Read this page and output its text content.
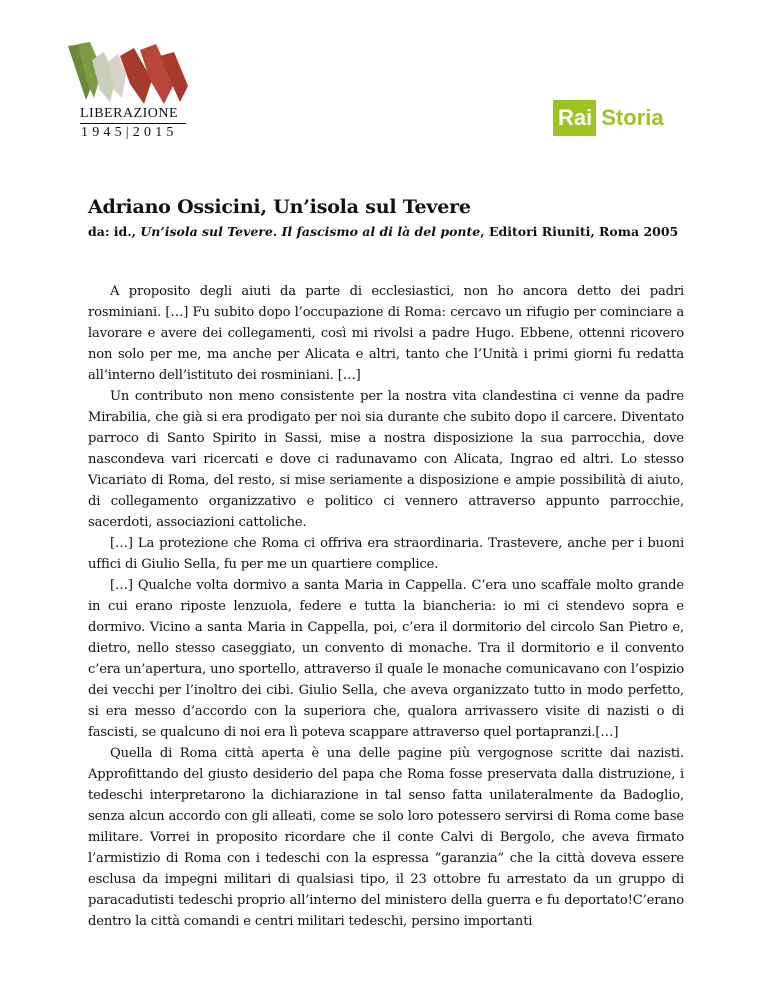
LIBERAZIONE
1945|2015
Rai Storia
Adriano Ossicini, Un’isola sul Tevere

da: id., Un’isola sul Tevere. Il fascismo al di là del ponte, Editori Riuniti, Roma 2005

A proposito degli aiuti da parte di ecclesiastici, non ho ancora detto dei padri rosminiani. […] Fu subito dopo l’occupazione di Roma: cercavo un rifugio per cominciare a lavorare e avere dei collegamenti, così mi rivolsi a padre Hugo. Ebbene, ottenni ricovero non solo per me, ma anche per Alicata e altri, tanto che l’Unità i primi giorni fu redatta all’interno dell’istituto dei rosminiani. […]

Un contributo non meno consistente per la nostra vita clandestina ci venne da padre Mirabilia, che già si era prodigato per noi sia durante che subito dopo il carcere. Diventato parroco di Santo Spirito in Sassi, mise a nostra disposizione la sua parrocchia, dove nascondeva vari ricercati e dove ci radunavamo con Alicata, Ingrao ed altri. Lo stesso Vicariato di Roma, del resto, si mise seriamente a disposizione e ampie possibilità di aiuto, di collegamento organizzativo e politico ci vennero attraverso appunto parrocchie, sacerdoti, associazioni cattoliche.

[…] La protezione che Roma ci offriva era straordinaria. Trastevere, anche per i buoni uffici di Giulio Sella, fu per me un quartiere complice.

[…] Qualche volta dormivo a santa Maria in Cappella. C’era uno scaffale molto grande in cui erano riposte lenzuola, federe e tutta la biancheria: io mi ci stendevo sopra e dormivo. Vicino a santa Maria in Cappella, poi, c’era il dormitorio del circolo San Pietro e, dietro, nello stesso caseggiato, un convento di monache. Tra il dormitorio e il convento c’era un’apertura, uno sportello, attraverso il quale le monache comunicavano con l’ospizio dei vecchi per l’inoltro dei cibi. Giulio Sella, che aveva organizzato tutto in modo perfetto, si era messo d’accordo con la superiora che, qualora arrivassero visite di nazisti o di fascisti, se qualcuno di noi era lì poteva scappare attraverso quel portapranzi.[…]

Quella di Roma città aperta è una delle pagine più vergognose scritte dai nazisti. Approfittando del giusto desiderio del papa che Roma fosse preservata dalla distruzione, i tedeschi interpretarono la dichiarazione in tal senso fatta unilateralmente da Badoglio, senza alcun accordo con gli alleati, come se solo loro potessero servirsi di Roma come base militare. Vorrei in proposito ricordare che il conte Calvi di Bergolo, che aveva firmato l’armistizio di Roma con i tedeschi con la espressa “garanzia” che la città doveva essere esclusa da impegni militari di qualsiasi tipo, il 23 ottobre fu arrestato da un gruppo di paracadutisti tedeschi proprio all’interno del ministero della guerra e fu deportato!C’erano dentro la città comandi e centri militari tedeschi, persino importanti
